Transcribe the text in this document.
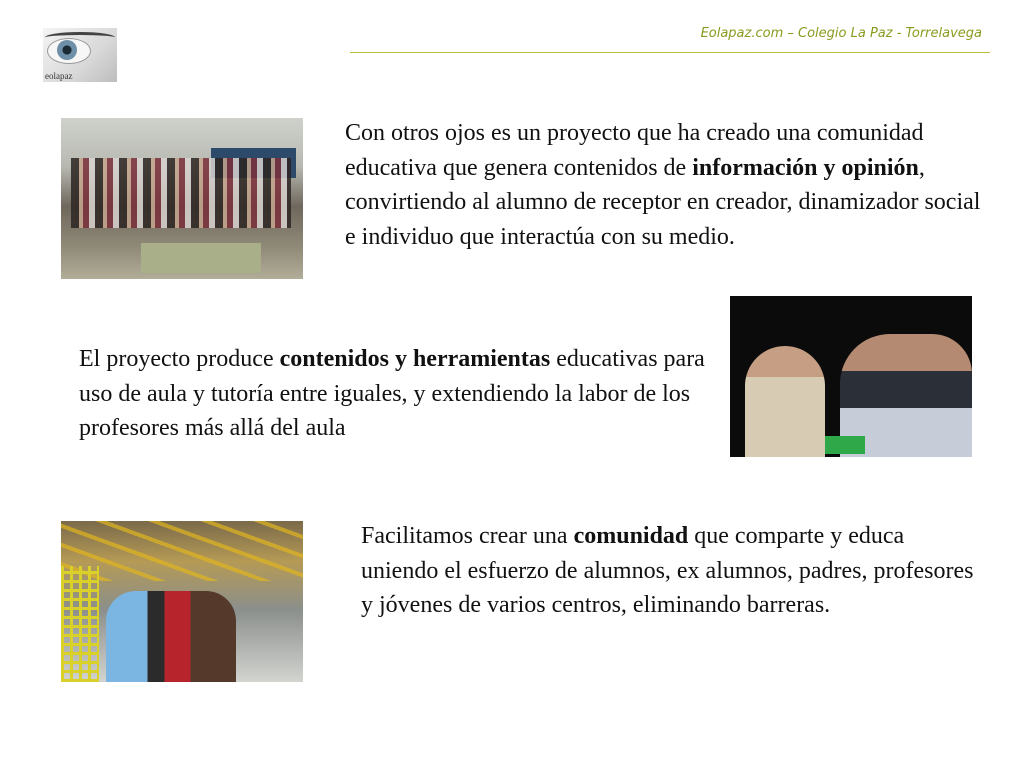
eolapaz
Eolapaz.com – Colegio La Paz - Torrelavega
Con otros ojos es un proyecto que ha creado una comunidad educativa que genera contenidos de información y opinión, convirtiendo al alumno de receptor en creador, dinamizador social e individuo que interactúa con su medio.
El proyecto produce contenidos y herramientas educativas para uso de aula y tutoría entre iguales, y extendiendo la labor de los profesores más allá del aula
Facilitamos crear una comunidad que comparte y educa uniendo el esfuerzo de alumnos, ex alumnos, padres, profesores y jóvenes de varios centros, eliminando barreras.
